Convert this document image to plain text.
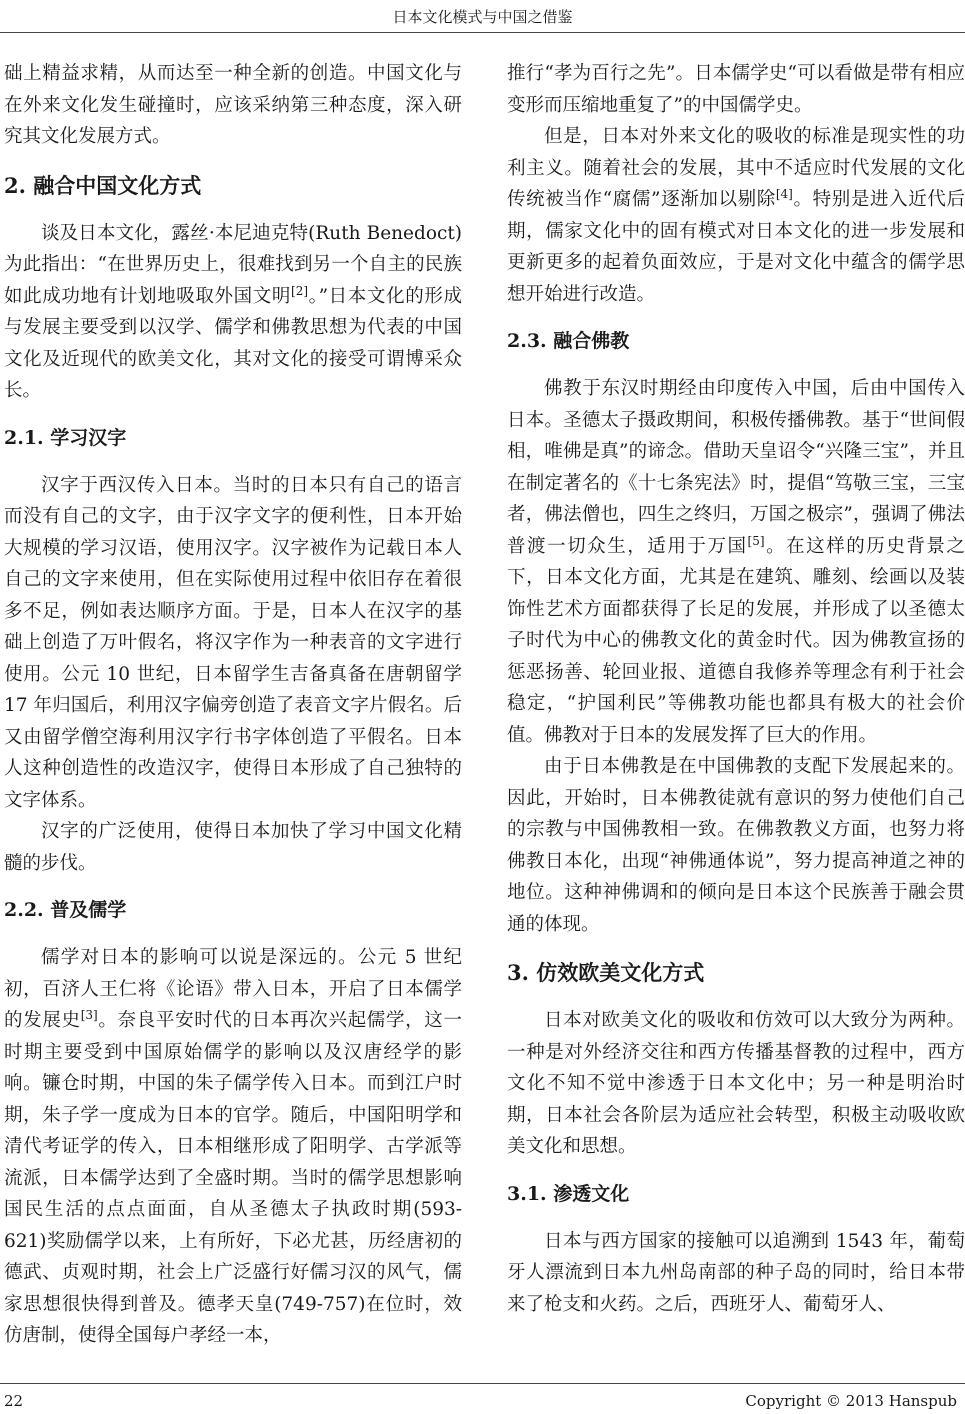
日本文化模式与中国之借鉴

础上精益求精，从而达至一种全新的创造。中国文化与在外来文化发生碰撞时，应该采纳第三种态度，深入研究其文化发展方式。

2. 融合中国文化方式

谈及日本文化，露丝·本尼迪克特(Ruth Benedoct)为此指出：“在世界历史上，很难找到另一个自主的民族如此成功地有计划地吸取外国文明[2]。”日本文化的形成与发展主要受到以汉学、儒学和佛教思想为代表的中国文化及近现代的欧美文化，其对文化的接受可谓博采众长。

2.1. 学习汉字

汉字于西汉传入日本。当时的日本只有自己的语言而没有自己的文字，由于汉字文字的便利性，日本开始大规模的学习汉语，使用汉字。汉字被作为记载日本人自己的文字来使用，但在实际使用过程中依旧存在着很多不足，例如表达顺序方面。于是，日本人在汉字的基础上创造了万叶假名，将汉字作为一种表音的文字进行使用。公元 10 世纪，日本留学生吉备真备在唐朝留学 17 年归国后，利用汉字偏旁创造了表音文字片假名。后又由留学僧空海利用汉字行书字体创造了平假名。日本人这种创造性的改造汉字，使得日本形成了自己独特的文字体系。

汉字的广泛使用，使得日本加快了学习中国文化精髓的步伐。

2.2. 普及儒学

儒学对日本的影响可以说是深远的。公元 5 世纪初，百济人王仁将《论语》带入日本，开启了日本儒学的发展史[3]。奈良平安时代的日本再次兴起儒学，这一时期主要受到中国原始儒学的影响以及汉唐经学的影响。镰仓时期，中国的朱子儒学传入日本。而到江户时期，朱子学一度成为日本的官学。随后，中国阳明学和清代考证学的传入，日本相继形成了阳明学、古学派等流派，日本儒学达到了全盛时期。当时的儒学思想影响国民生活的点点面面，自从圣德太子执政时期(593-621)奖励儒学以来，上有所好，下必尤甚，历经唐初的德武、贞观时期，社会上广泛盛行好儒习汉的风气，儒家思想很快得到普及。德孝天皇(749-757)在位时，效仿唐制，使得全国每户孝经一本，

推行“孝为百行之先”。日本儒学史“可以看做是带有相应变形而压缩地重复了”的中国儒学史。

但是，日本对外来文化的吸收的标准是现实性的功利主义。随着社会的发展，其中不适应时代发展的文化传统被当作“腐儒”逐渐加以剔除[4]。特别是进入近代后期，儒家文化中的固有模式对日本文化的进一步发展和更新更多的起着负面效应，于是对文化中蕴含的儒学思想开始进行改造。

2.3. 融合佛教

佛教于东汉时期经由印度传入中国，后由中国传入日本。圣德太子摄政期间，积极传播佛教。基于“世间假相，唯佛是真”的谛念。借助天皇诏令“兴隆三宝”，并且在制定著名的《十七条宪法》时，提倡“笃敬三宝，三宝者，佛法僧也，四生之终归，万国之极宗”，强调了佛法普渡一切众生，适用于万国[5]。在这样的历史背景之下，日本文化方面，尤其是在建筑、雕刻、绘画以及装饰性艺术方面都获得了长足的发展，并形成了以圣德太子时代为中心的佛教文化的黄金时代。因为佛教宣扬的惩恶扬善、轮回业报、道德自我修养等理念有利于社会稳定，“护国利民”等佛教功能也都具有极大的社会价值。佛教对于日本的发展发挥了巨大的作用。

由于日本佛教是在中国佛教的支配下发展起来的。因此，开始时，日本佛教徒就有意识的努力使他们自己的宗教与中国佛教相一致。在佛教教义方面，也努力将佛教日本化，出现“神佛通体说”，努力提高神道之神的地位。这种神佛调和的倾向是日本这个民族善于融会贯通的体现。

3. 仿效欧美文化方式

日本对欧美文化的吸收和仿效可以大致分为两种。一种是对外经济交往和西方传播基督教的过程中，西方文化不知不觉中渗透于日本文化中；另一种是明治时期，日本社会各阶层为适应社会转型，积极主动吸收欧美文化和思想。

3.1. 渗透文化

日本与西方国家的接触可以追溯到 1543 年，葡萄牙人漂流到日本九州岛南部的种子岛的同时，给日本带来了枪支和火药。之后，西班牙人、葡萄牙人、

22	Copyright © 2013 Hanspub
